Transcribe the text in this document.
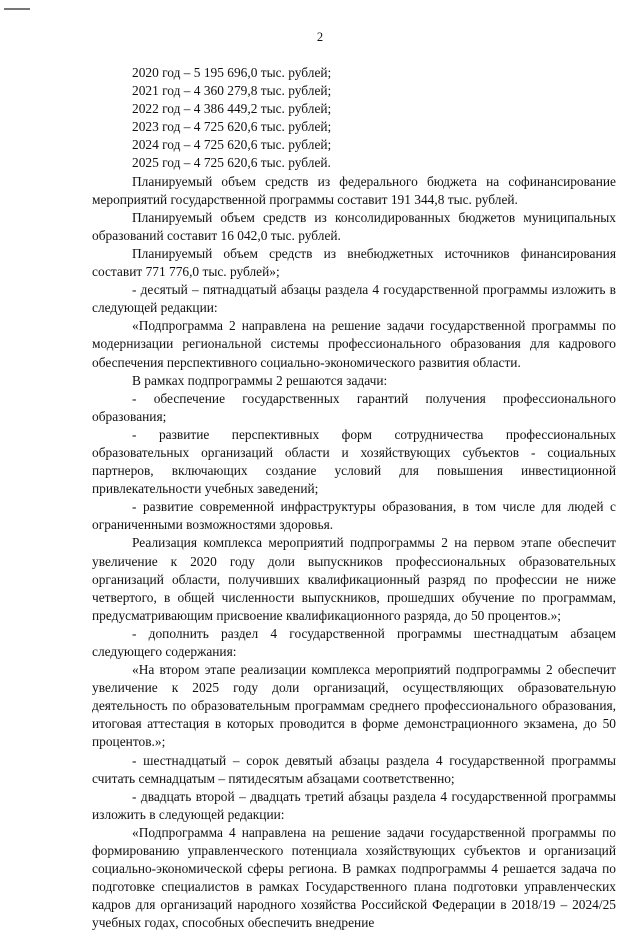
2

2020 год – 5 195 696,0 тыс. рублей;

2021 год – 4 360 279,8 тыс. рублей;

2022 год – 4 386 449,2 тыс. рублей;

2023 год – 4 725 620,6 тыс. рублей;

2024 год – 4 725 620,6 тыс. рублей;

2025 год – 4 725 620,6 тыс. рублей.

Планируемый объем средств из федерального бюджета на софинансирование мероприятий государственной программы составит 191 344,8 тыс. рублей.

Планируемый объем средств из консолидированных бюджетов муниципальных образований составит 16 042,0 тыс. рублей.

Планируемый объем средств из внебюджетных источников финансирования составит 771 776,0 тыс. рублей»;

- десятый – пятнадцатый абзацы раздела 4 государственной программы изложить в следующей редакции:

«Подпрограмма 2 направлена на решение задачи государственной программы по модернизации региональной системы профессионального образования для кадрового обеспечения перспективного социально-экономического развития области.

В рамках подпрограммы 2 решаются задачи:

- обеспечение государственных гарантий получения профессионального образования;

- развитие перспективных форм сотрудничества профессиональных образовательных организаций области и хозяйствующих субъектов - социальных партнеров, включающих создание условий для повышения инвестиционной привлекательности учебных заведений;

- развитие современной инфраструктуры образования, в том числе для людей с ограниченными возможностями здоровья.

Реализация комплекса мероприятий подпрограммы 2 на первом этапе обеспечит увеличение к 2020 году доли выпускников профессиональных образовательных организаций области, получивших квалификационный разряд по профессии не ниже четвертого, в общей численности выпускников, прошедших обучение по программам, предусматривающим присвоение квалификационного разряда, до 50 процентов.»;

- дополнить раздел 4 государственной программы шестнадцатым абзацем следующего содержания:

«На втором этапе реализации комплекса мероприятий подпрограммы 2 обеспечит увеличение к 2025 году доли организаций, осуществляющих образовательную деятельность по образовательным программам среднего профессионального образования, итоговая аттестация в которых проводится в форме демонстрационного экзамена, до 50 процентов.»;

- шестнадцатый – сорок девятый абзацы раздела 4 государственной программы считать семнадцатым – пятидесятым абзацами соответственно;

- двадцать второй – двадцать третий абзацы раздела 4 государственной программы изложить в следующей редакции:

«Подпрограмма 4 направлена на решение задачи государственной программы по формированию управленческого потенциала хозяйствующих субъектов и организаций социально-экономической сферы региона. В рамках подпрограммы 4 решается задача по подготовке специалистов в рамках Государственного плана подготовки управленческих кадров для организаций народного хозяйства Российской Федерации в 2018/19 – 2024/25 учебных годах, способных обеспечить внедрение
